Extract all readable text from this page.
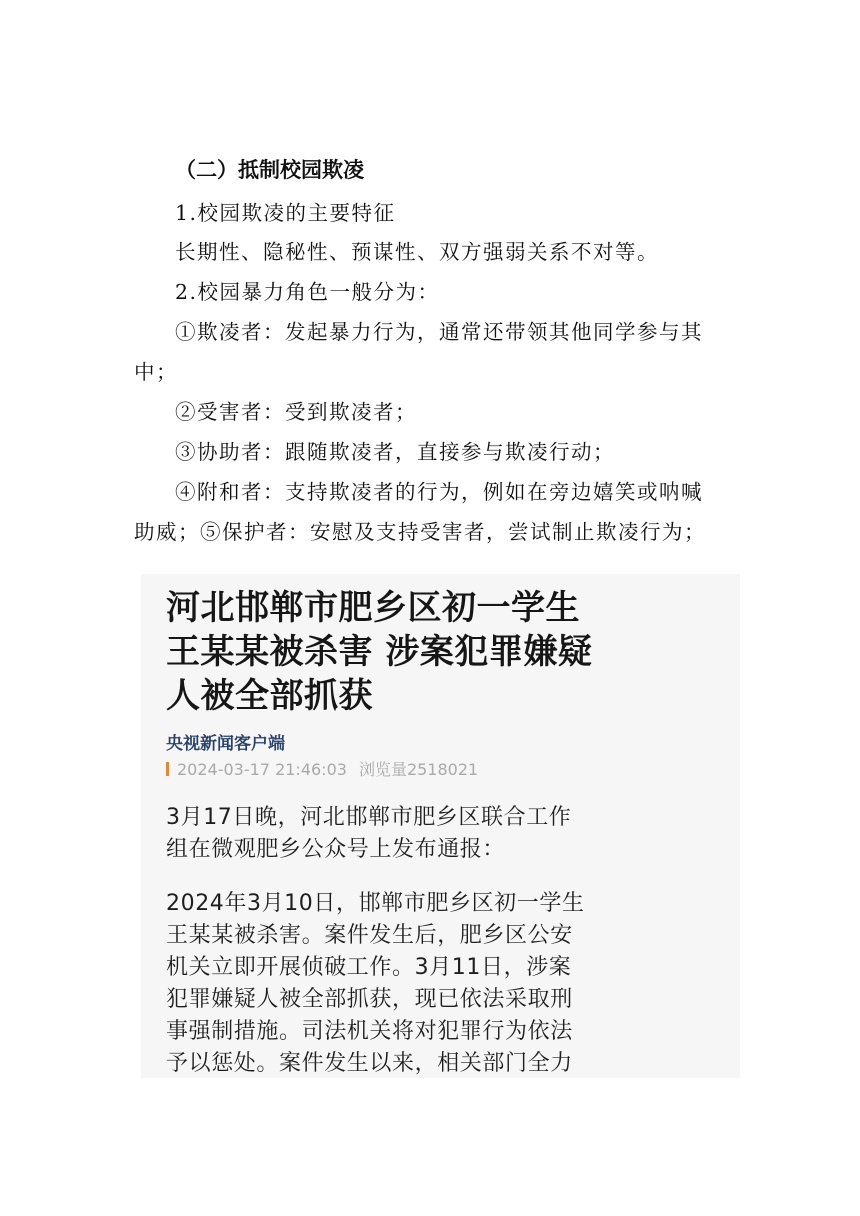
（二）抵制校园欺凌
1.校园欺凌的主要特征
长期性、隐秘性、预谋性、双方强弱关系不对等。
2.校园暴力角色一般分为：
①欺凌者：发起暴力行为，通常还带领其他同学参与其
中；
②受害者：受到欺凌者；
③协助者：跟随欺凌者，直接参与欺凌行动；
④附和者：支持欺凌者的行为，例如在旁边嬉笑或呐喊
助威；⑤保护者：安慰及支持受害者，尝试制止欺凌行为；
河北邯郸市肥乡区初一学生
王某某被杀害 涉案犯罪嫌疑
人被全部抓获
央视新闻客户端
2024-03-17 21:46:03 浏览量2518021
3月17日晚，河北邯郸市肥乡区联合工作
组在微观肥乡公众号上发布通报：
2024年3月10日，邯郸市肥乡区初一学生
王某某被杀害。案件发生后，肥乡区公安
机关立即开展侦破工作。3月11日，涉案
犯罪嫌疑人被全部抓获，现已依法采取刑
事强制措施。司法机关将对犯罪行为依法
予以惩处。案件发生以来，相关部门全力
